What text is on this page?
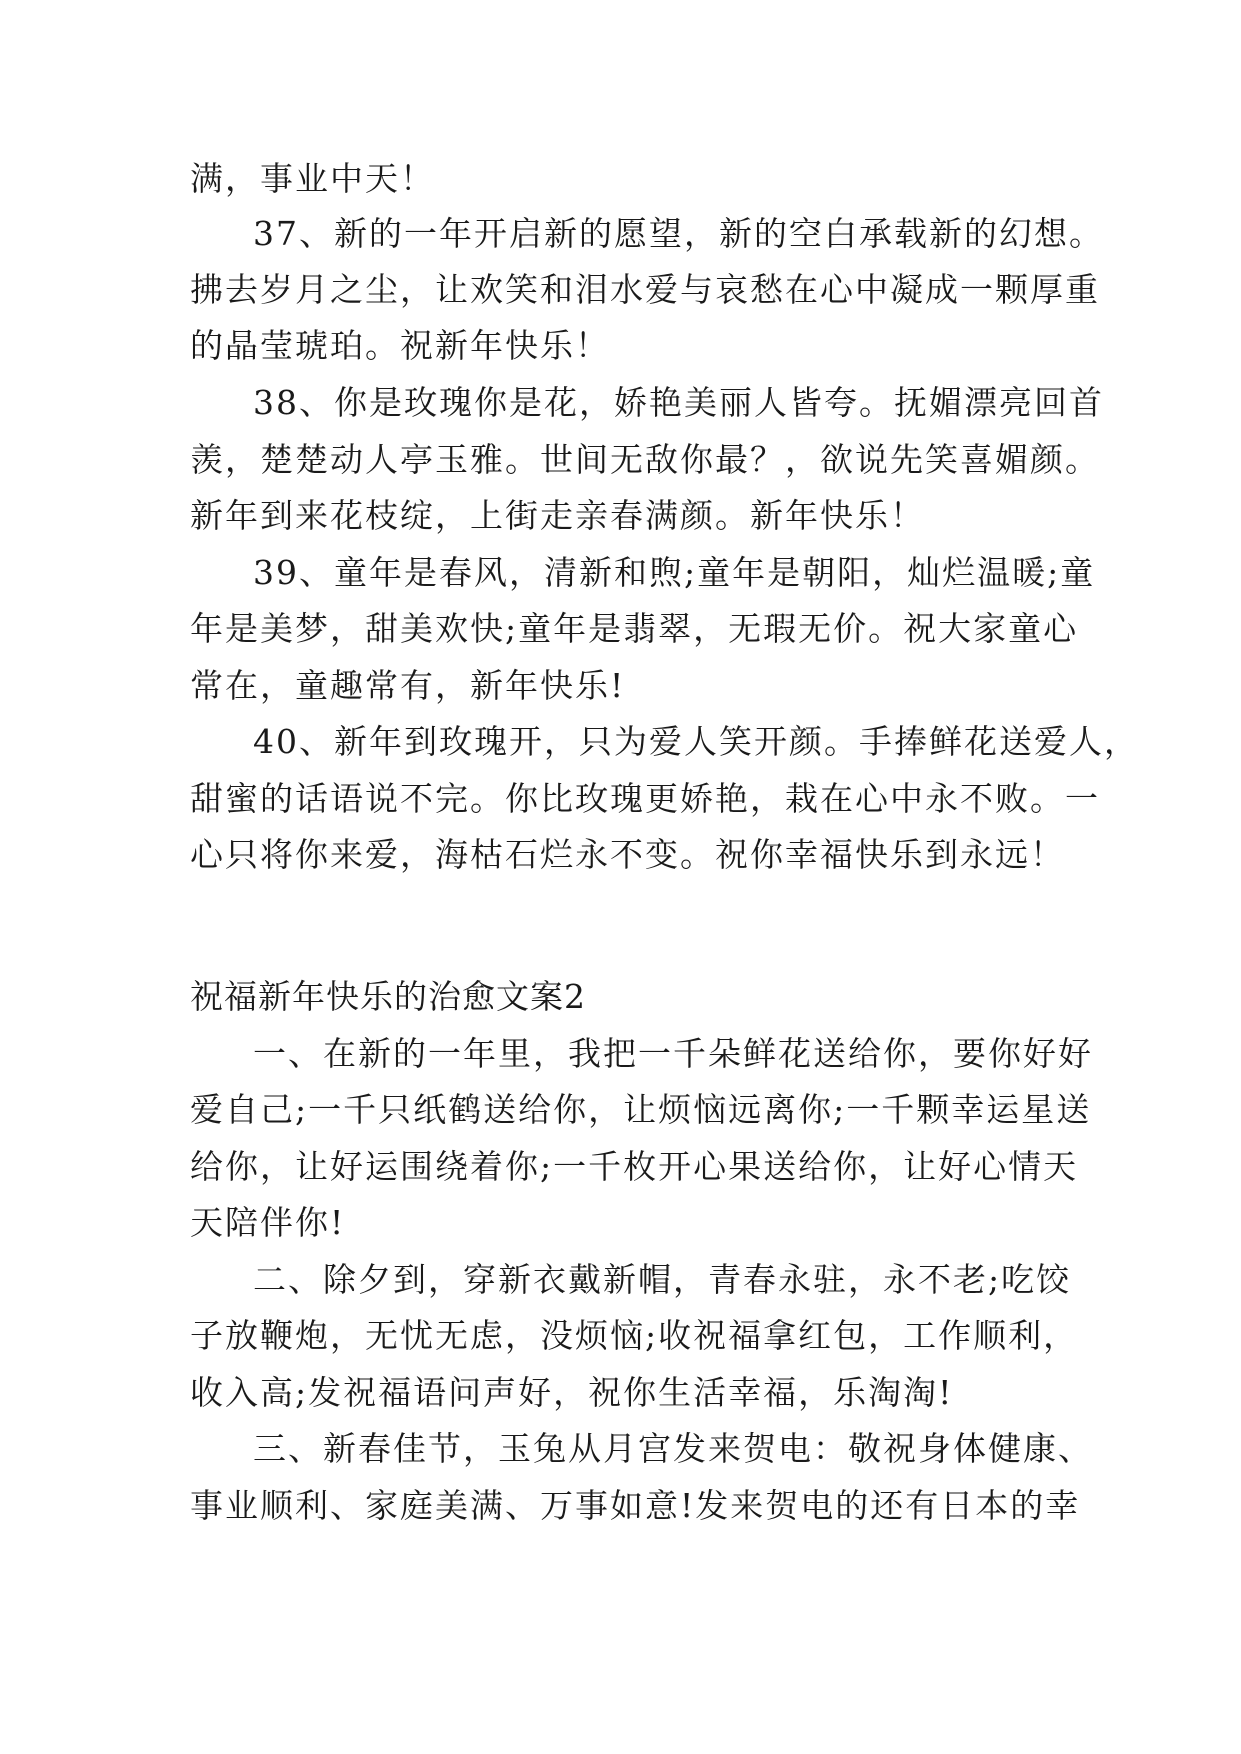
满，事业中天！
37、新的一年开启新的愿望，新的空白承载新的幻想。
拂去岁月之尘，让欢笑和泪水爱与哀愁在心中凝成一颗厚重
的晶莹琥珀。祝新年快乐！
38、你是玫瑰你是花，娇艳美丽人皆夸。抚媚漂亮回首
羡，楚楚动人亭玉雅。世间无敌你最？，欲说先笑喜媚颜。
新年到来花枝绽，上街走亲春满颜。新年快乐！
39、童年是春风，清新和煦;童年是朝阳，灿烂温暖;童
年是美梦，甜美欢快;童年是翡翠，无瑕无价。祝大家童心
常在，童趣常有，新年快乐!
40、新年到玫瑰开，只为爱人笑开颜。手捧鲜花送爱人，
甜蜜的话语说不完。你比玫瑰更娇艳，栽在心中永不败。一
心只将你来爱，海枯石烂永不变。祝你幸福快乐到永远！
祝福新年快乐的治愈文案2
一、在新的一年里，我把一千朵鲜花送给你，要你好好
爱自己;一千只纸鹤送给你，让烦恼远离你;一千颗幸运星送
给你，让好运围绕着你;一千枚开心果送给你，让好心情天
天陪伴你!
二、除夕到，穿新衣戴新帽，青春永驻，永不老;吃饺
子放鞭炮，无忧无虑，没烦恼;收祝福拿红包，工作顺利，
收入高;发祝福语问声好，祝你生活幸福，乐淘淘!
三、新春佳节，玉兔从月宫发来贺电：敬祝身体健康、
事业顺利、家庭美满、万事如意!发来贺电的还有日本的幸
